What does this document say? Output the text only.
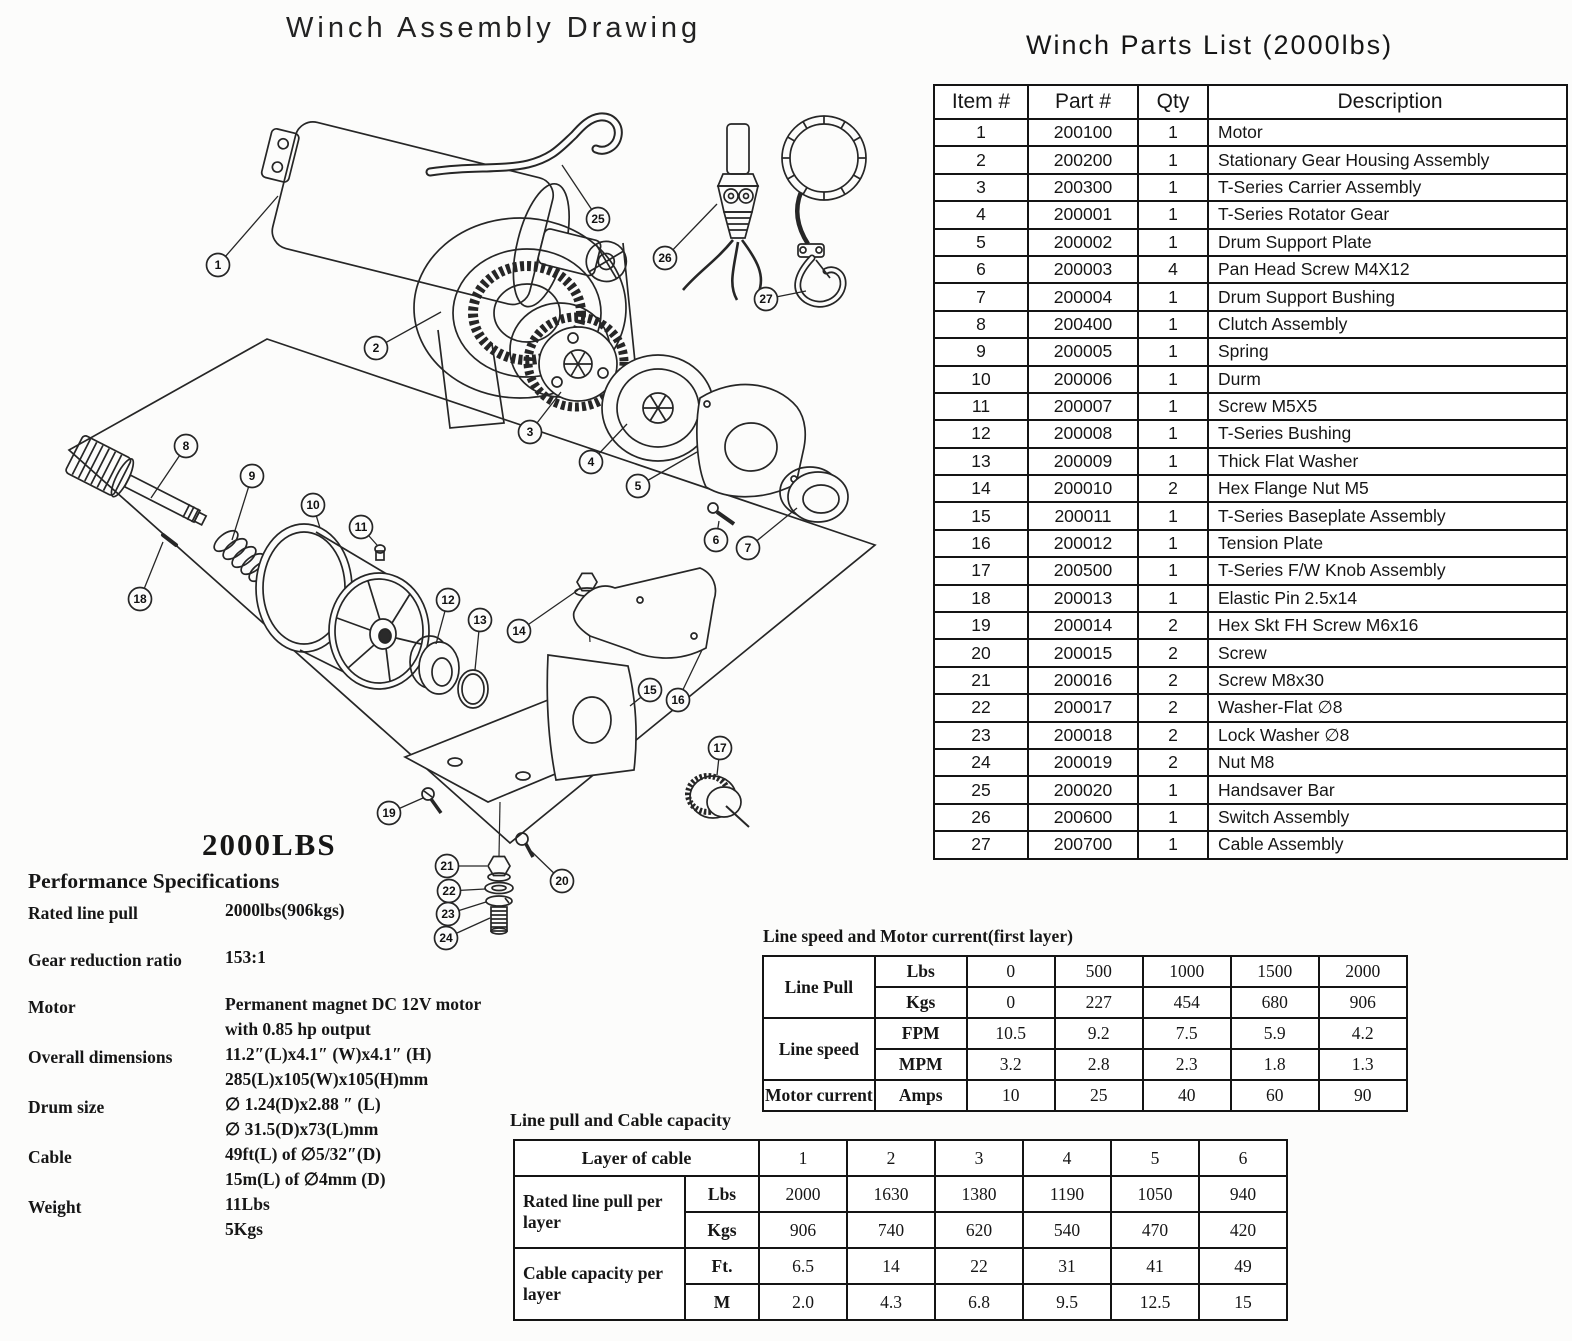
Winch Assembly Drawing
Winch Parts List (2000lbs)
1
2
3
4
5
6
7
8
9
10
11
12
13
14
15
16
17
18
19
20
21
22
23
24
25
26
27
Item #	Part #	Qty	Description
1	200100	1	Motor
2	200200	1	Stationary Gear Housing Assembly
3	200300	1	T-Series Carrier Assembly
4	200001	1	T-Series Rotator Gear
5	200002	1	Drum Support Plate
6	200003	4	Pan Head Screw M4X12
7	200004	1	Drum Support Bushing
8	200400	1	Clutch Assembly
9	200005	1	Spring
10	200006	1	Durm
11	200007	1	Screw M5X5
12	200008	1	T-Series Bushing
13	200009	1	Thick Flat Washer
14	200010	2	Hex Flange Nut M5
15	200011	1	T-Series Baseplate Assembly
16	200012	1	Tension Plate
17	200500	1	T-Series F/W Knob Assembly
18	200013	1	Elastic Pin 2.5x14
19	200014	2	Hex Skt FH Screw M6x16
20	200015	2	Screw
21	200016	2	Screw M8x30
22	200017	2	Washer-Flat ∅8
23	200018	2	Lock Washer ∅8
24	200019	2	Nut M8
25	200020	1	Handsaver Bar
26	200600	1	Switch Assembly
27	200700	1	Cable Assembly
2000LBS
Performance Specifications
Rated line pull	2000lbs(906kgs)
Gear reduction ratio	153:1
Motor	Permanent magnet DC 12V motor
with 0.85 hp output
Overall dimensions	11.2″(L)x4.1″ (W)x4.1″ (H)
285(L)x105(W)x105(H)mm
Drum size	∅ 1.24(D)x2.88 ″ (L)
∅ 31.5(D)x73(L)mm
Cable	49ft(L) of ∅5/32″(D)
15m(L) of ∅4mm (D)
Weight	11Lbs
5Kgs
Line speed and Motor current(first layer)
Line Pull	Lbs	0	500	1000	1500	2000
	Kgs	0	227	454	680	906
Line speed	FPM	10.5	9.2	7.5	5.9	4.2
	MPM	3.2	2.8	2.3	1.8	1.3
Motor current	Amps	10	25	40	60	90
Line pull and Cable capacity
Layer of cable		1	2	3	4	5	6
Rated line pull per layer	Lbs	2000	1630	1380	1190	1050	940
	Kgs	906	740	620	540	470	420
Cable capacity per layer	Ft.	6.5	14	22	31	41	49
	M	2.0	4.3	6.8	9.5	12.5	15
